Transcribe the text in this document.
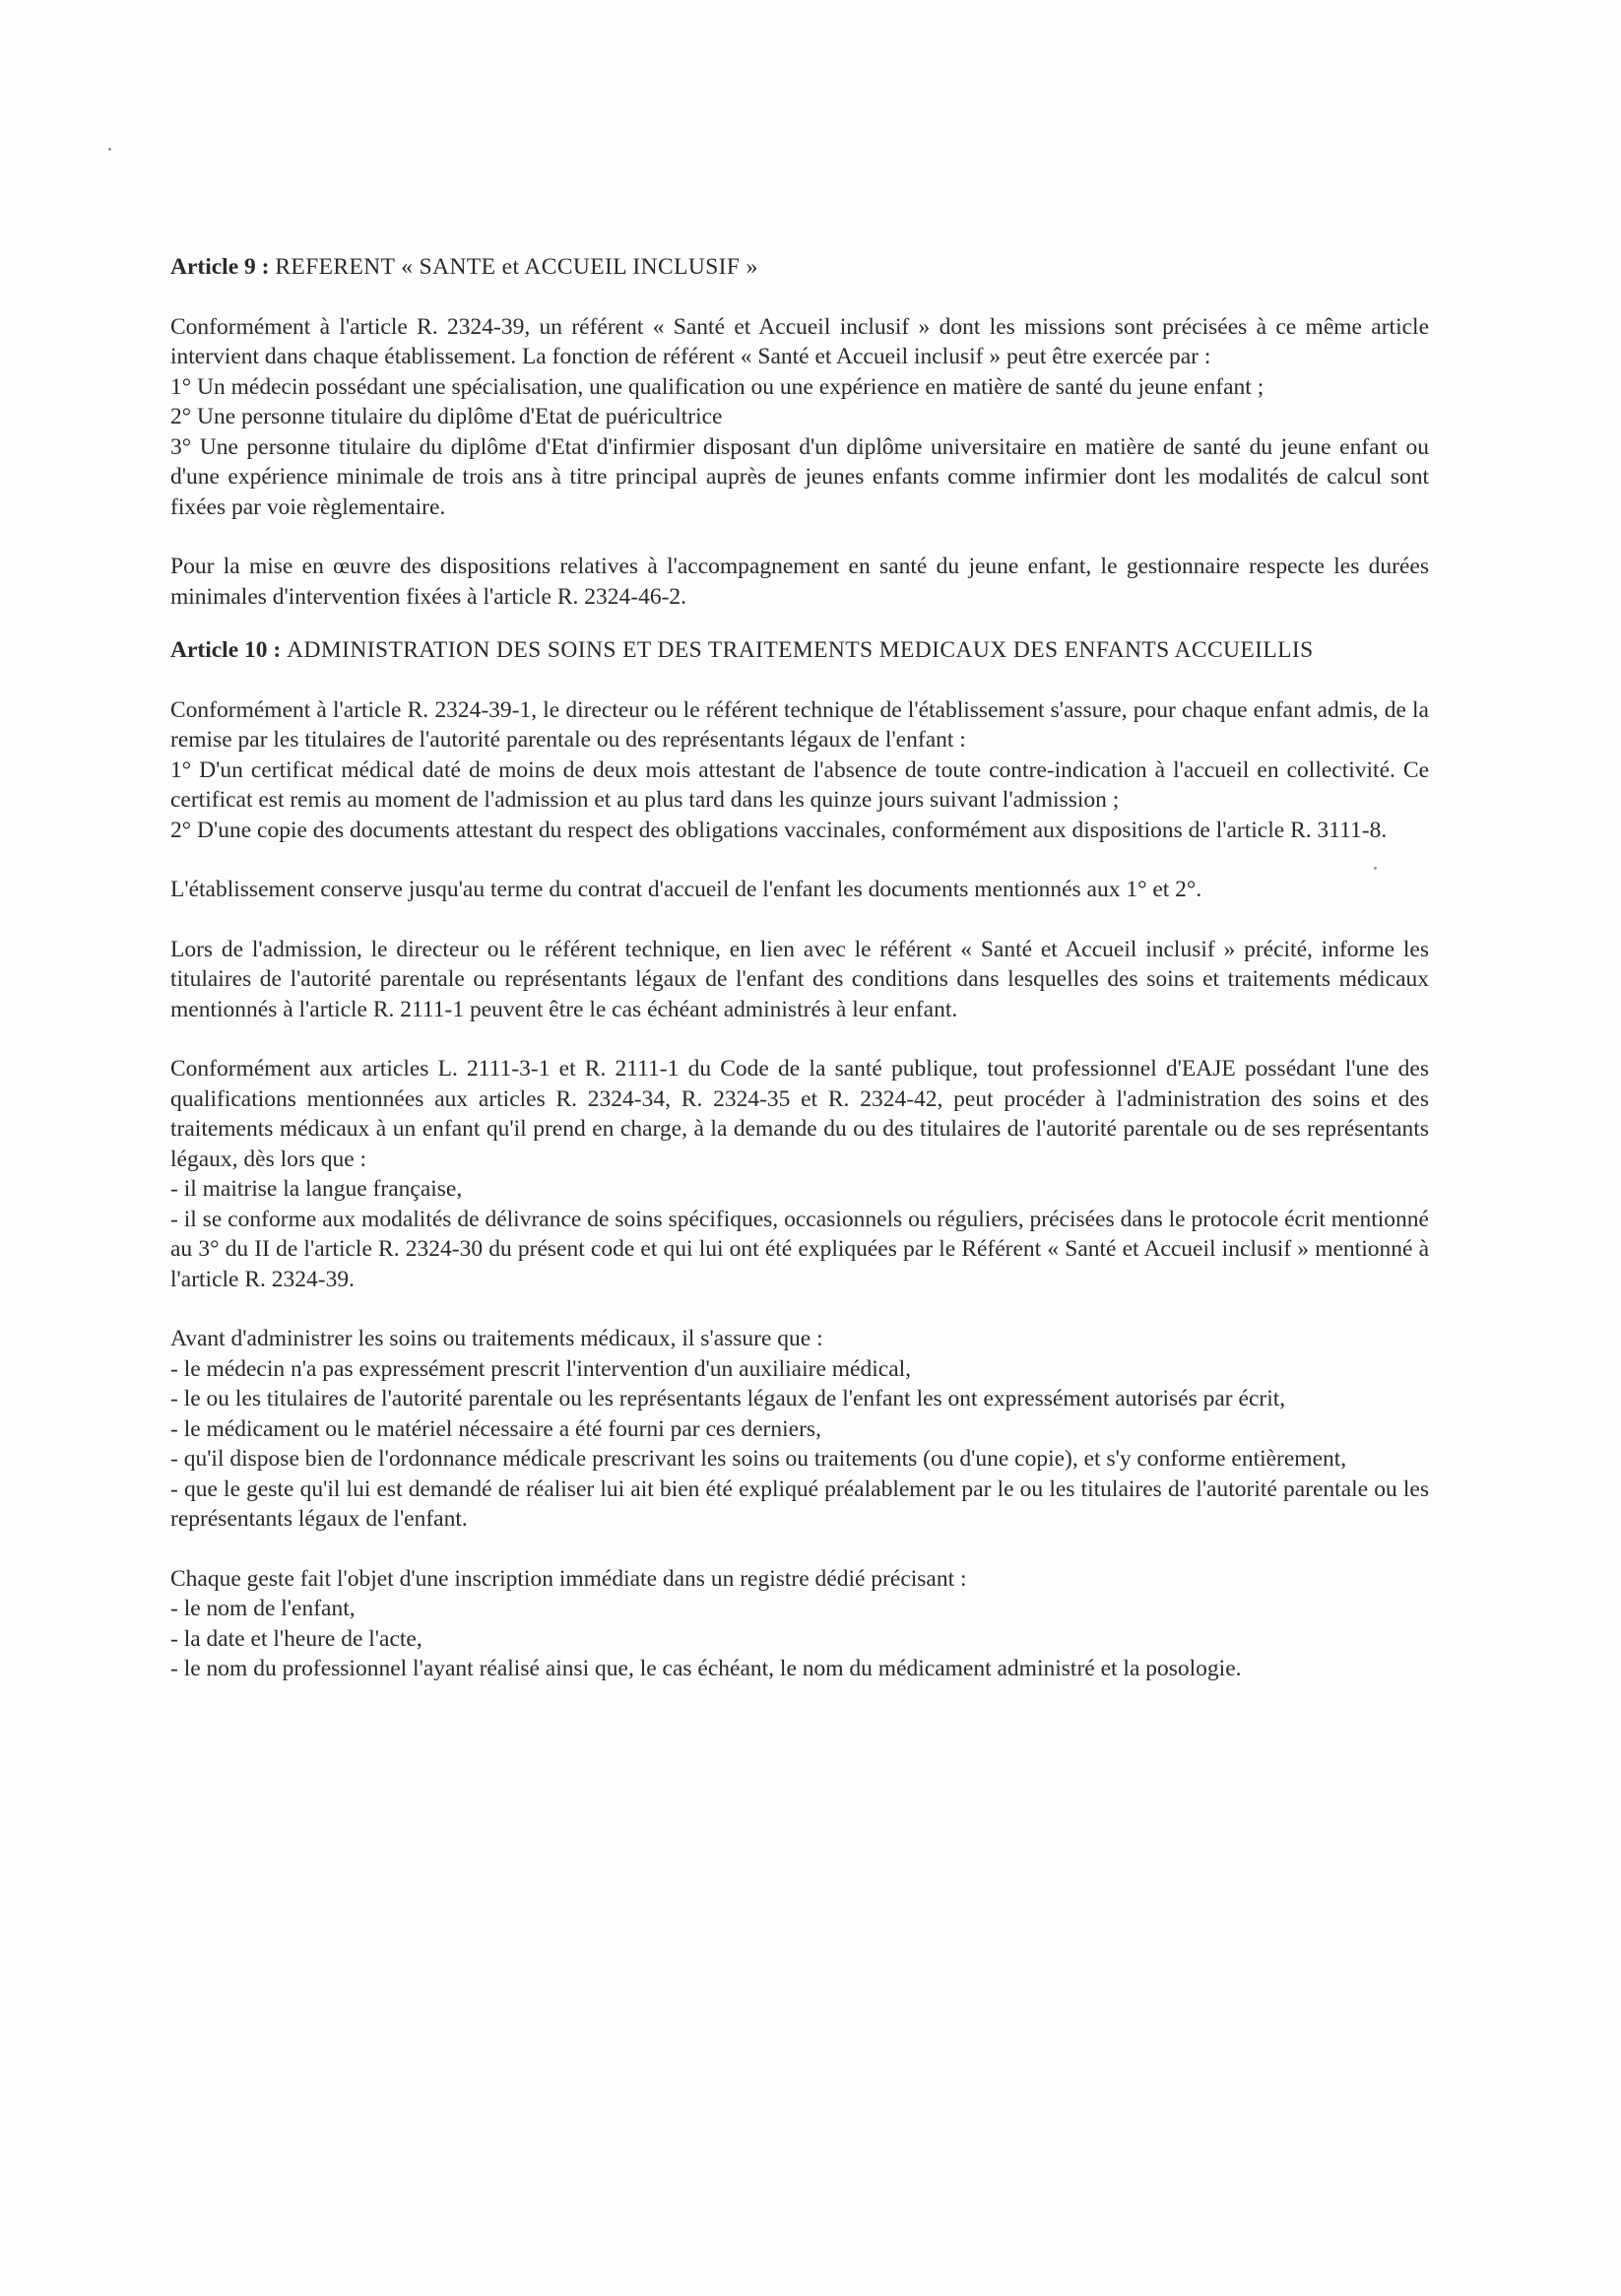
Article 9 : REFERENT « SANTE et ACCUEIL INCLUSIF »
Conformément à l'article R. 2324-39, un référent « Santé et Accueil inclusif » dont les missions sont précisées à ce même article intervient dans chaque établissement. La fonction de référent « Santé et Accueil inclusif » peut être exercée par :
1° Un médecin possédant une spécialisation, une qualification ou une expérience en matière de santé du jeune enfant ;
2° Une personne titulaire du diplôme d'Etat de puéricultrice
3° Une personne titulaire du diplôme d'Etat d'infirmier disposant d'un diplôme universitaire en matière de santé du jeune enfant ou d'une expérience minimale de trois ans à titre principal auprès de jeunes enfants comme infirmier dont les modalités de calcul sont fixées par voie règlementaire.
Pour la mise en œuvre des dispositions relatives à l'accompagnement en santé du jeune enfant, le gestionnaire respecte les durées minimales d'intervention fixées à l'article R. 2324-46-2.
Article 10 : ADMINISTRATION DES SOINS ET DES TRAITEMENTS MEDICAUX DES ENFANTS ACCUEILLIS
Conformément à l'article R. 2324-39-1, le directeur ou le référent technique de l'établissement s'assure, pour chaque enfant admis, de la remise par les titulaires de l'autorité parentale ou des représentants légaux de l'enfant :
1° D'un certificat médical daté de moins de deux mois attestant de l'absence de toute contre-indication à l'accueil en collectivité. Ce certificat est remis au moment de l'admission et au plus tard dans les quinze jours suivant l'admission ;
2° D'une copie des documents attestant du respect des obligations vaccinales, conformément aux dispositions de l'article R. 3111-8.
L'établissement conserve jusqu'au terme du contrat d'accueil de l'enfant les documents mentionnés aux 1° et 2°.
Lors de l'admission, le directeur ou le référent technique, en lien avec le référent « Santé et Accueil inclusif » précité, informe les titulaires de l'autorité parentale ou représentants légaux de l'enfant des conditions dans lesquelles des soins et traitements médicaux mentionnés à l'article R. 2111-1 peuvent être le cas échéant administrés à leur enfant.
Conformément aux articles L. 2111-3-1 et R. 2111-1 du Code de la santé publique, tout professionnel d'EAJE possédant l'une des qualifications mentionnées aux articles R. 2324-34, R. 2324-35 et R. 2324-42, peut procéder à l'administration des soins et des traitements médicaux à un enfant qu'il prend en charge, à la demande du ou des titulaires de l'autorité parentale ou de ses représentants légaux, dès lors que :
- il maitrise la langue française,
- il se conforme aux modalités de délivrance de soins spécifiques, occasionnels ou réguliers, précisées dans le protocole écrit mentionné au 3° du II de l'article R. 2324-30 du présent code et qui lui ont été expliquées par le Référent « Santé et Accueil inclusif » mentionné à l'article R. 2324-39.
Avant d'administrer les soins ou traitements médicaux, il s'assure que :
- le médecin n'a pas expressément prescrit l'intervention d'un auxiliaire médical,
- le ou les titulaires de l'autorité parentale ou les représentants légaux de l'enfant les ont expressément autorisés par écrit,
- le médicament ou le matériel nécessaire a été fourni par ces derniers,
- qu'il dispose bien de l'ordonnance médicale prescrivant les soins ou traitements (ou d'une copie), et s'y conforme entièrement,
- que le geste qu'il lui est demandé de réaliser lui ait bien été expliqué préalablement par le ou les titulaires de l'autorité parentale ou les représentants légaux de l'enfant.
Chaque geste fait l'objet d'une inscription immédiate dans un registre dédié précisant :
- le nom de l'enfant,
- la date et l'heure de l'acte,
- le nom du professionnel l'ayant réalisé ainsi que, le cas échéant, le nom du médicament administré et la posologie.
